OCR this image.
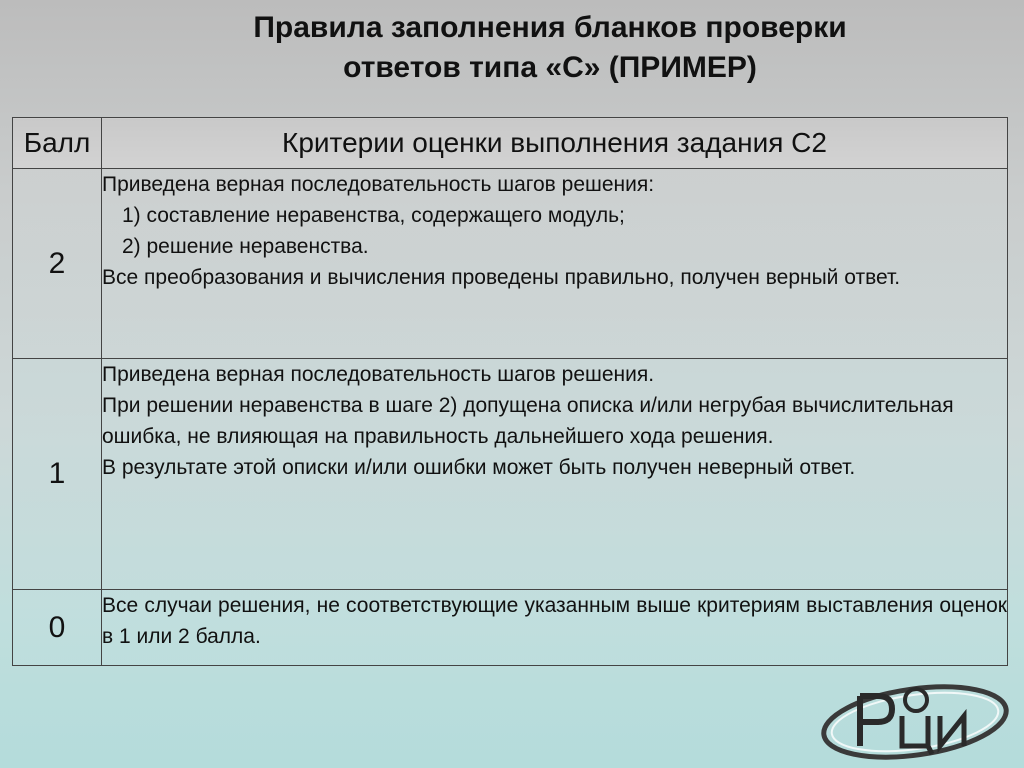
Правила заполнения бланков проверки
ответов типа «С» (ПРИМЕР)
Балл	Критерии оценки выполнения задания С2
2	Приведена верная последовательность шагов решения:
1) составление неравенства, содержащего модуль;
2) решение неравенства.
Все преобразования и вычисления проведены правильно, получен верный ответ.

1	Приведена верная последовательность шагов решения.
При решении неравенства в шаге 2) допущена описка и/или негрубая вычислительная ошибка, не влияющая на правильность дальнейшего хода решения.
В результате этой описки и/или ошибки может быть получен неверный ответ.

0	Все случаи решения, не соответствующие указанным выше критериям выставления оценок в 1 или 2 балла.
